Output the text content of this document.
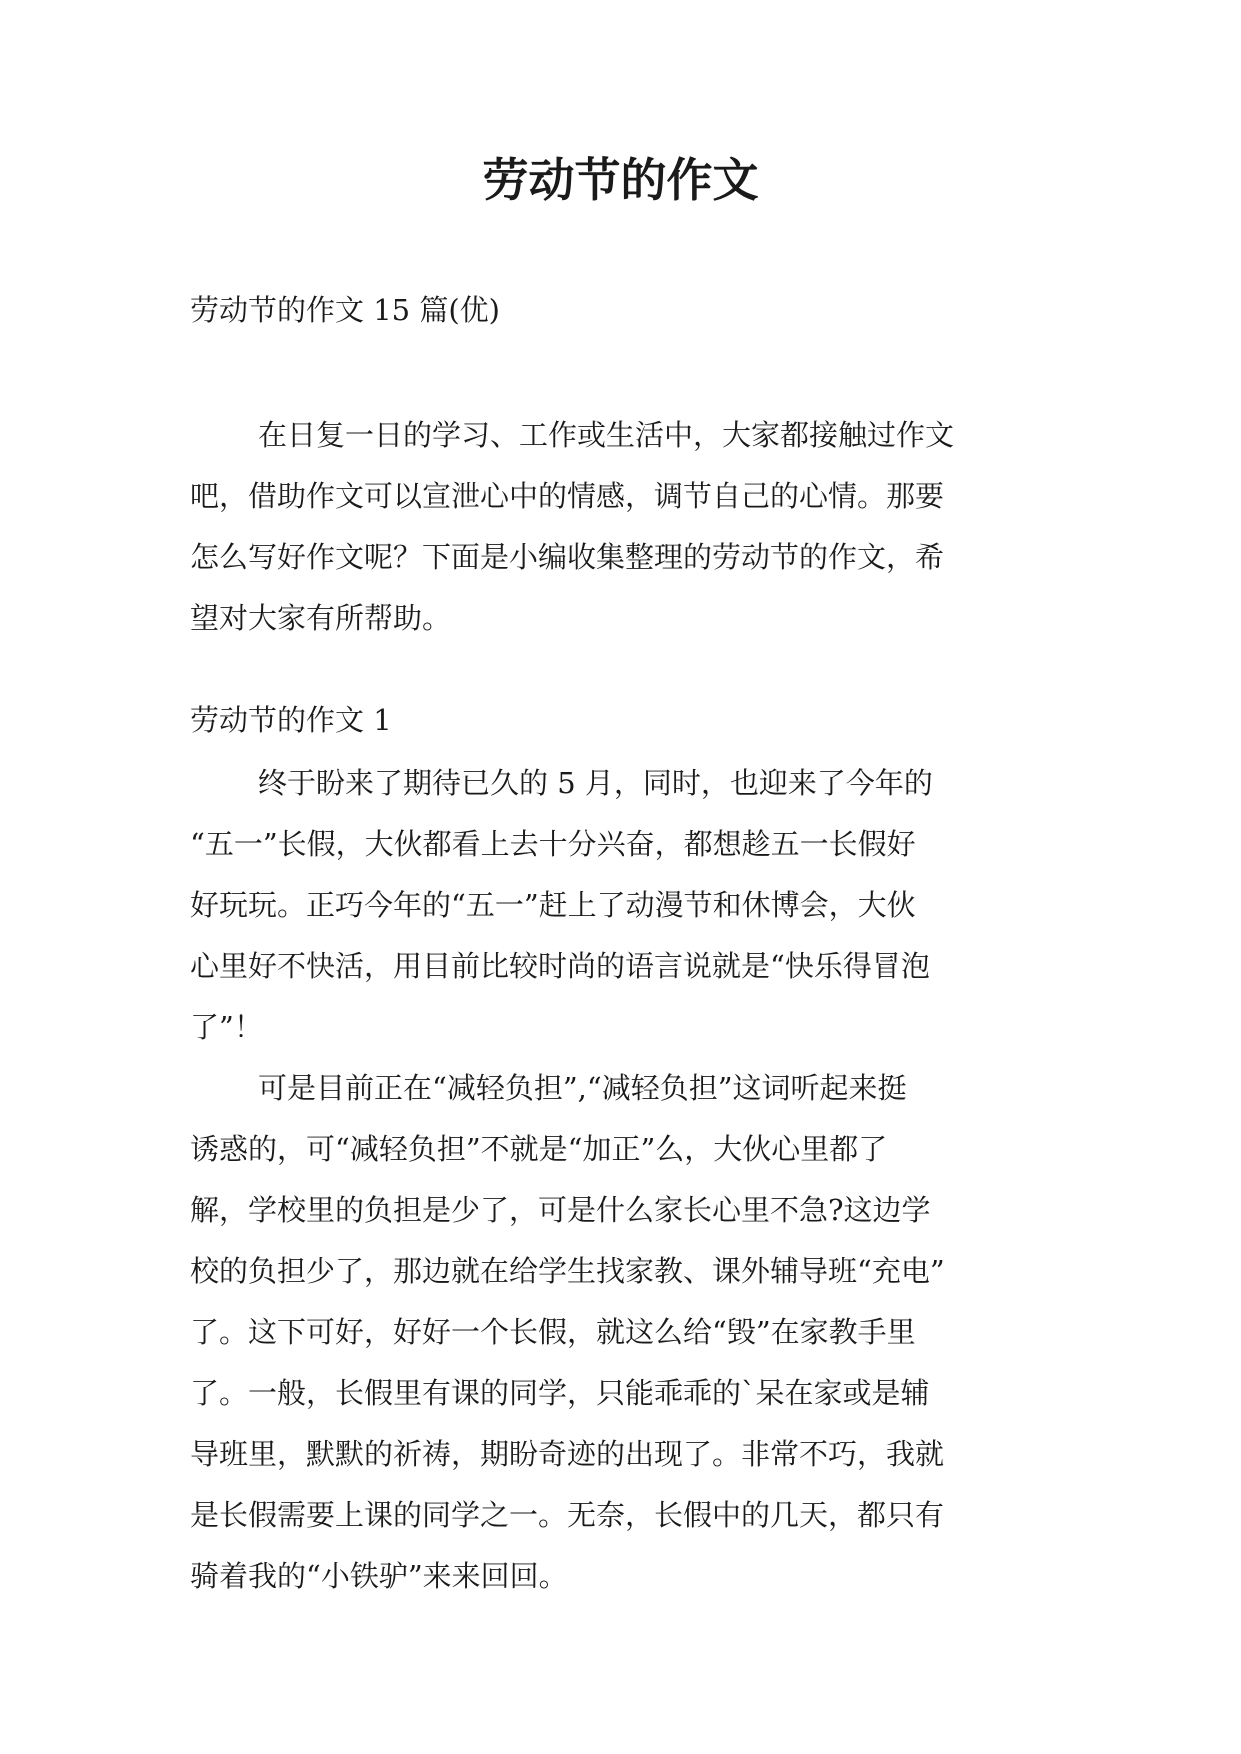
劳动节的作文

劳动节的作文 15 篇(优)

在日复一日的学习、工作或生活中，大家都接触过作文
吧，借助作文可以宣泄心中的情感，调节自己的心情。那要
怎么写好作文呢？下面是小编收集整理的劳动节的作文，希
望对大家有所帮助。

劳动节的作文 1

终于盼来了期待已久的 5 月，同时，也迎来了今年的
“五一”长假，大伙都看上去十分兴奋，都想趁五一长假好
好玩玩。正巧今年的“五一”赶上了动漫节和休博会，大伙
心里好不快活，用目前比较时尚的语言说就是“快乐得冒泡
了”！
可是目前正在“减轻负担”,“减轻负担”这词听起来挺
诱惑的，可“减轻负担”不就是“加正”么，大伙心里都了
解，学校里的负担是少了，可是什么家长心里不急?这边学
校的负担少了，那边就在给学生找家教、课外辅导班“充电”
了。这下可好，好好一个长假，就这么给“毁”在家教手里
了。一般，长假里有课的同学，只能乖乖的`呆在家或是辅
导班里，默默的祈祷，期盼奇迹的出现了。非常不巧，我就
是长假需要上课的同学之一。无奈，长假中的几天，都只有
骑着我的“小铁驴”来来回回。
